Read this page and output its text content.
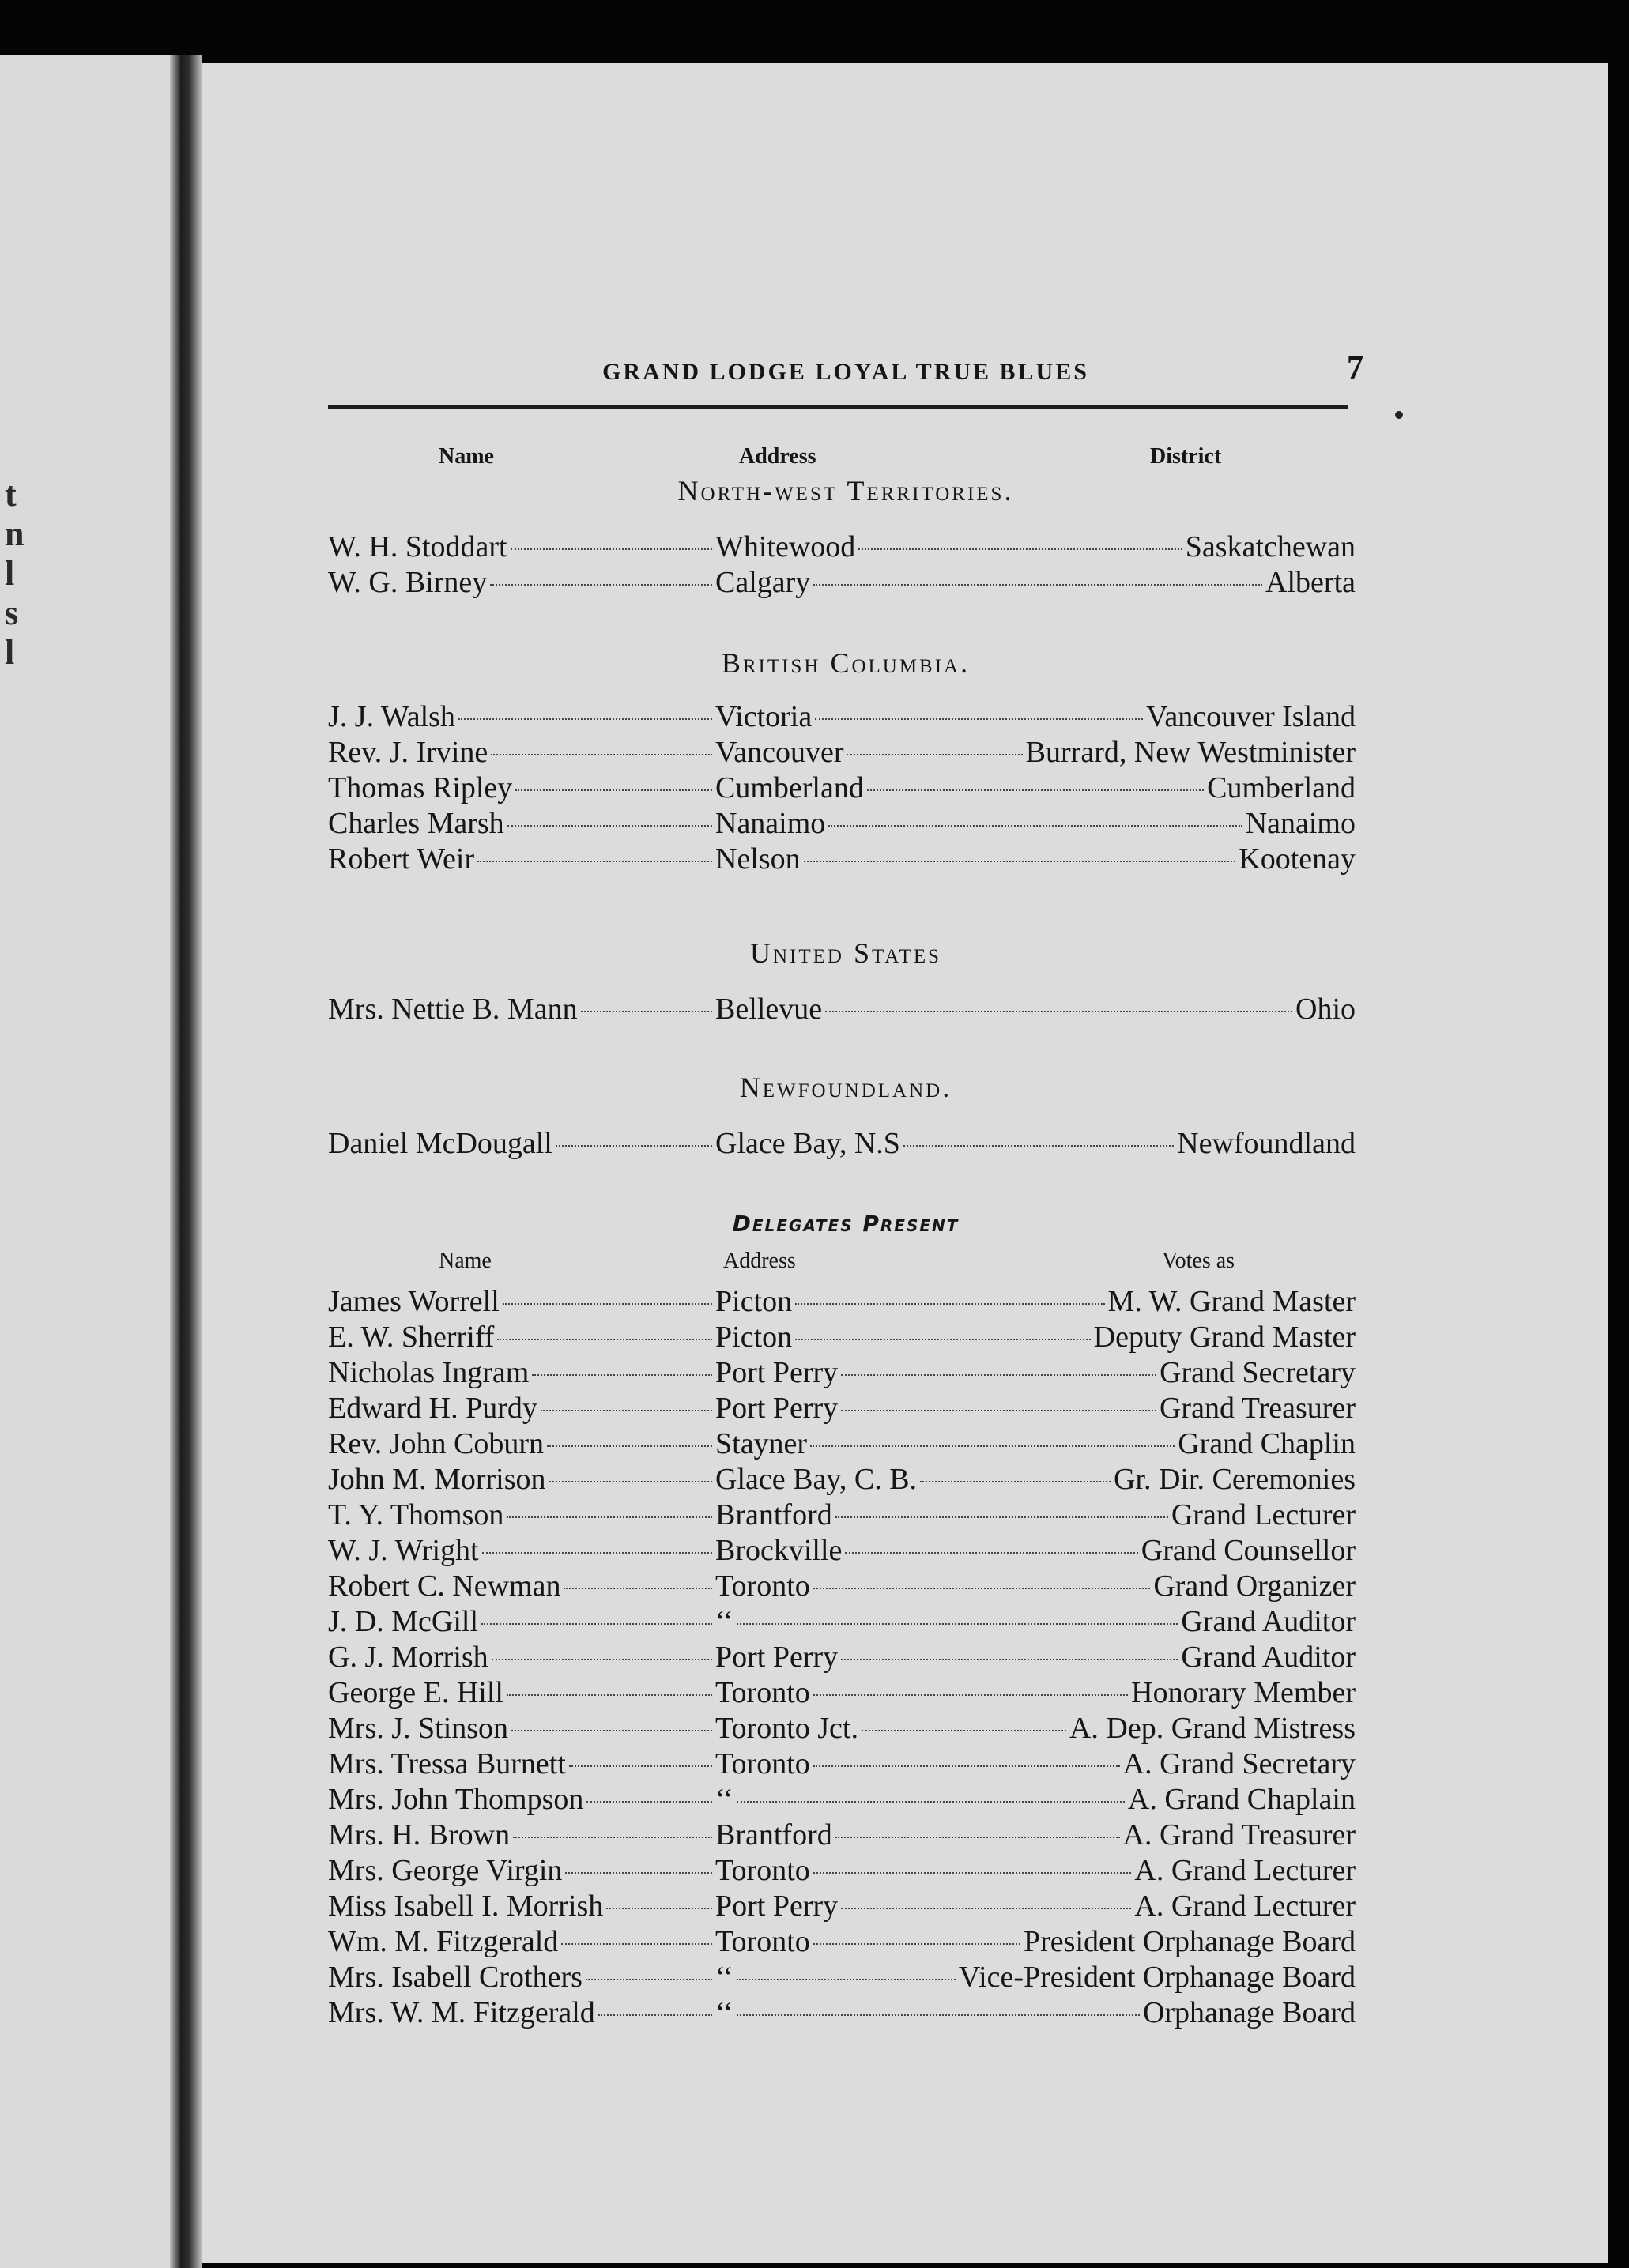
t
n
l
s
l
GRAND LODGE LOYAL TRUE BLUES	7
Name	Address	District
North-west Territories.
W. H. Stoddart	Whitewood	Saskatchewan
W. G. Birney	Calgary	Alberta
British Columbia.
J. J. Walsh	Victoria	Vancouver Island
Rev. J. Irvine	Vancouver	Burrard, New Westminister
Thomas Ripley	Cumberland	Cumberland
Charles Marsh	Nanaimo	Nanaimo
Robert Weir	Nelson	Kootenay
United States
Mrs. Nettie B. Mann	Bellevue	Ohio
Newfoundland.
Daniel McDougall	Glace Bay, N.S	Newfoundland
Delegates Present
Name	Address	Votes as
James Worrell	Picton	M. W. Grand Master
E. W. Sherriff	Picton	Deputy Grand Master
Nicholas Ingram	Port Perry	Grand Secretary
Edward H. Purdy	Port Perry	Grand Treasurer
Rev. John Coburn	Stayner	Grand Chaplin
John M. Morrison	Glace Bay, C. B.	Gr. Dir. Ceremonies
T. Y. Thomson	Brantford	Grand Lecturer
W. J. Wright	Brockville	Grand Counsellor
Robert C. Newman	Toronto	Grand Organizer
J. D. McGill	‘‘	Grand Auditor
G. J. Morrish	Port Perry	Grand Auditor
George E. Hill	Toronto	Honorary Member
Mrs. J. Stinson	Toronto Jct.	A. Dep. Grand Mistress
Mrs. Tressa Burnett	Toronto	A. Grand Secretary
Mrs. John Thompson	‘‘	A. Grand Chaplain
Mrs. H. Brown	Brantford	A. Grand Treasurer
Mrs. George Virgin	Toronto	A. Grand Lecturer
Miss Isabell I. Morrish	Port Perry	A. Grand Lecturer
Wm. M. Fitzgerald	Toronto	President Orphanage Board
Mrs. Isabell Crothers	‘‘	Vice-President Orphanage Board
Mrs. W. M. Fitzgerald	‘‘	Orphanage Board
